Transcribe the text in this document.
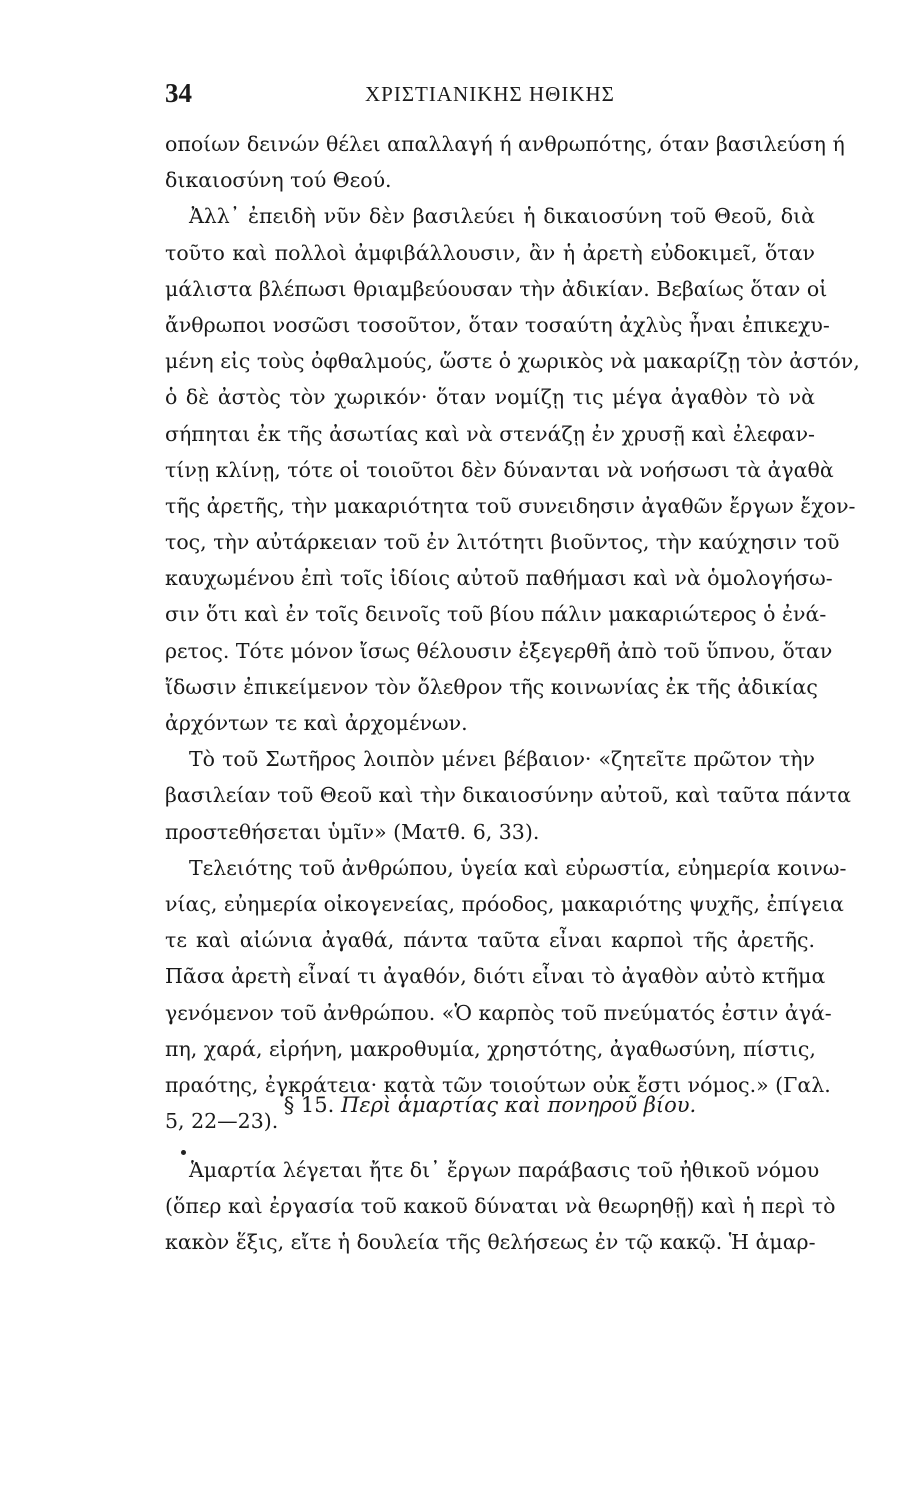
34	ΧΡΙΣΤΙΑΝΙΚΗΣ ΗΘΙΚΗΣ
οποίων δεινών θέλει απαλλαγή ή ανθρωπότης, όταν βασιλεύση ή
δικαιοσύνη τού Θεού.
Ἀλλ᾽ ἐπειδὴ νῦν δὲν βασιλεύει ἡ δικαιοσύνη τοῦ Θεοῦ, διὰ
τοῦτο καὶ πολλοὶ ἀμφιβάλλουσιν, ἂν ἡ ἀρετὴ εὐδοκιμεῖ, ὅταν
μάλιστα βλέπωσι θριαμβεύουσαν τὴν ἀδικίαν. Βεβαίως ὅταν οἱ
ἄνθρωποι νοσῶσι τοσοῦτον, ὅταν τοσαύτη ἀχλὺς ἦναι ἐπικεχυ-
μένη εἰς τοὺς ὀφθαλμούς, ὥστε ὁ χωρικὸς νὰ μακαρίζῃ τὸν ἀστόν,
ὁ δὲ ἀστὸς τὸν χωρικόν· ὅταν νομίζῃ τις μέγα ἀγαθὸν τὸ νὰ
σήπηται ἐκ τῆς ἀσωτίας καὶ νὰ στενάζῃ ἐν χρυσῇ καὶ ἐλεφαν-
τίνῃ κλίνῃ, τότε οἱ τοιοῦτοι δὲν δύνανται νὰ νοήσωσι τὰ ἀγαθὰ
τῆς ἀρετῆς, τὴν μακαριότητα τοῦ συνειδησιν ἀγαθῶν ἔργων ἔχον-
τος, τὴν αὐτάρκειαν τοῦ ἐν λιτότητι βιοῦντος, τὴν καύχησιν τοῦ
καυχωμένου ἐπὶ τοῖς ἰδίοις αὐτοῦ παθήμασι καὶ νὰ ὁμολογήσω-
σιν ὅτι καὶ ἐν τοῖς δεινοῖς τοῦ βίου πάλιν μακαριώτερος ὁ ἐνά-
ρετος. Τότε μόνον ἴσως θέλουσιν ἐξεγερθῆ ἀπὸ τοῦ ὕπνου, ὅταν
ἴδωσιν ἐπικείμενον τὸν ὄλεθρον τῆς κοινωνίας ἐκ τῆς ἀδικίας
ἀρχόντων τε καὶ ἀρχομένων.
Τὸ τοῦ Σωτῆρος λοιπὸν μένει βέβαιον· «ζητεῖτε πρῶτον τὴν
βασιλείαν τοῦ Θεοῦ καὶ τὴν δικαιοσύνην αὐτοῦ, καὶ ταῦτα πάντα
προστεθήσεται ὑμῖν» (Ματθ. 6, 33).
Τελειότης τοῦ ἀνθρώπου, ὑγεία καὶ εὐρωστία, εὐημερία κοινω-
νίας, εὐημερία οἰκογενείας, πρόοδος, μακαριότης ψυχῆς, ἐπίγεια
τε καὶ αἰώνια ἀγαθά, πάντα ταῦτα εἶναι καρποὶ τῆς ἀρετῆς.
Πᾶσα ἀρετὴ εἶναί τι ἀγαθόν, διότι εἶναι τὸ ἀγαθὸν αὐτὸ κτῆμα
γενόμενον τοῦ ἀνθρώπου. «Ὁ καρπὸς τοῦ πνεύματός ἐστιν ἀγά-
πη, χαρά, εἰρήνη, μακροθυμία, χρηστότης, ἀγαθωσύνη, πίστις,
πραότης, ἐγκράτεια· κατὰ τῶν τοιούτων οὐκ ἔστι νόμος.» (Γαλ.
5, 22—23).
§ 15. Περὶ ἁμαρτίας καὶ πονηροῦ βίου.
Ἁμαρτία λέγεται ἤτε δι᾽ ἔργων παράβασις τοῦ ἠθικοῦ νόμου
(ὅπερ καὶ ἐργασία τοῦ κακοῦ δύναται νὰ θεωρηθῇ) καὶ ἡ περὶ τὸ
κακὸν ἕξις, εἴτε ἡ δουλεία τῆς θελήσεως ἐν τῷ κακῷ. Ἡ ἁμαρ-
